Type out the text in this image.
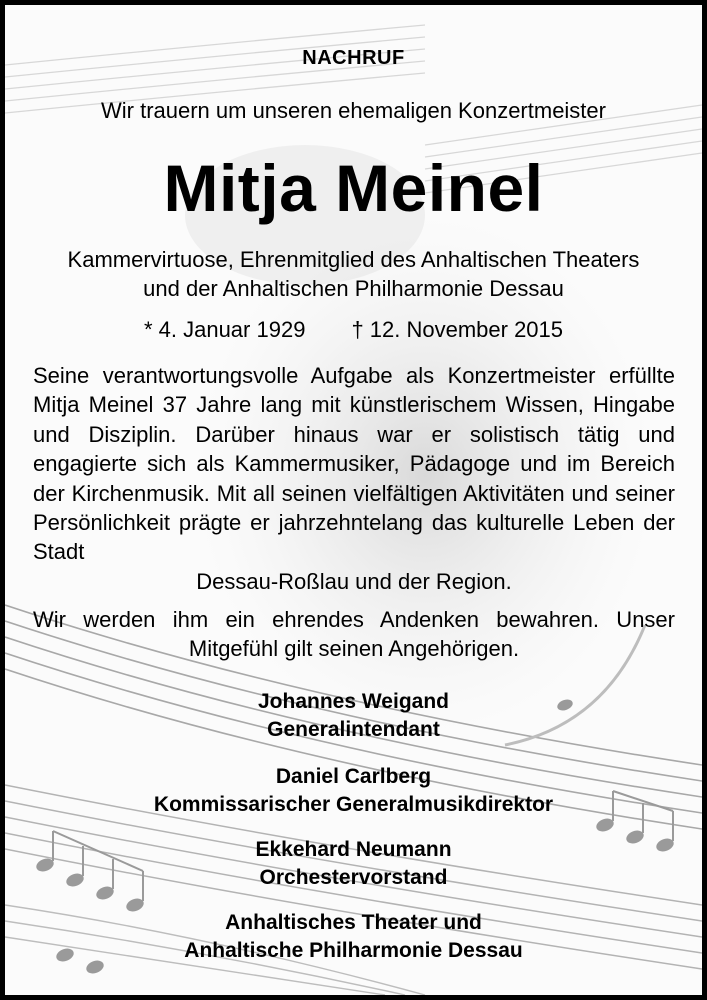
NACHRUF
Wir trauern um unseren ehemaligen Konzertmeister
Mitja Meinel
Kammervirtuose, Ehrenmitglied des Anhaltischen Theaters
und der Anhaltischen Philharmonie Dessau
* 4. Januar 1929 † 12. November 2015
Seine verantwortungsvolle Aufgabe als Konzertmeister erfüllte Mitja Meinel 37 Jahre lang mit künstlerischem Wissen, Hingabe und Disziplin. Darüber hinaus war er solistisch tätig und engagierte sich als Kammermusiker, Pädagoge und im Bereich der Kirchenmusik. Mit all seinen vielfältigen Aktivitäten und seiner Persönlichkeit prägte er jahrzehntelang das kulturelle Leben der Stadt
Dessau-Roßlau und der Region.
Wir werden ihm ein ehrendes Andenken bewahren. Unser Mitgefühl gilt seinen Angehörigen.
Johannes Weigand
Generalintendant
Daniel Carlberg
Kommissarischer Generalmusikdirektor
Ekkehard Neumann
Orchestervorstand
Anhaltisches Theater und
Anhaltische Philharmonie Dessau
